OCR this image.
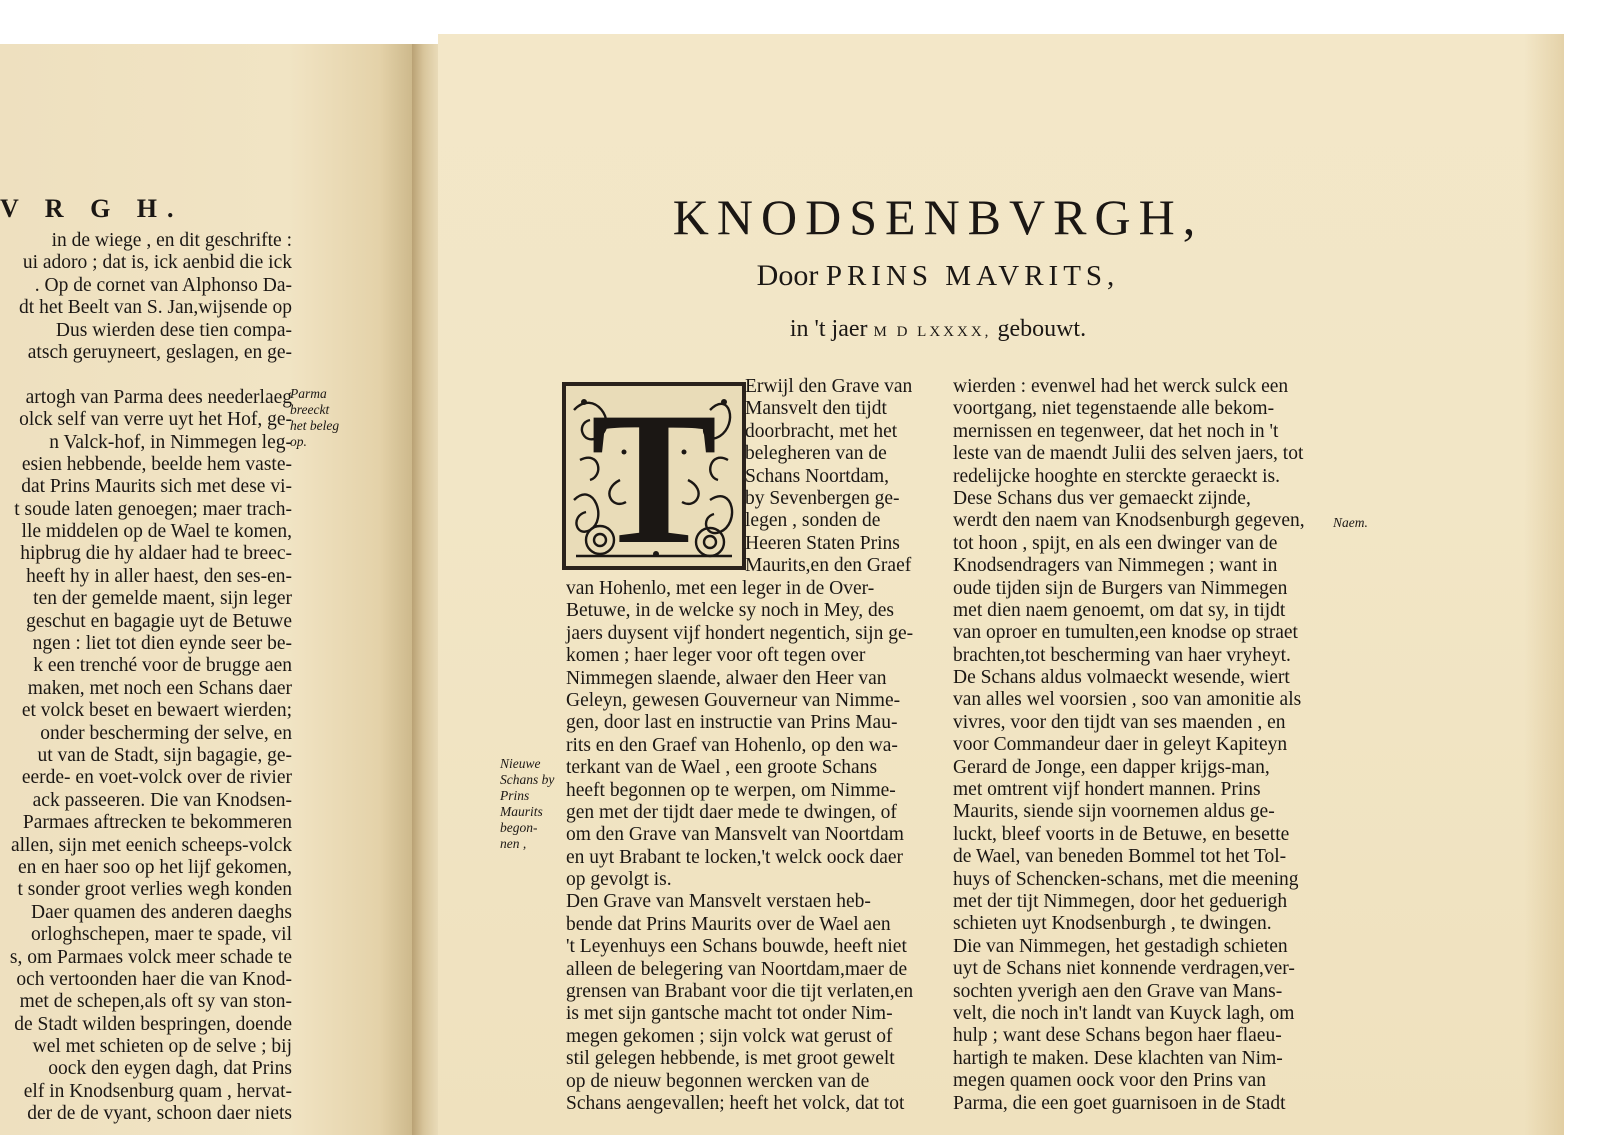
V R G H.
in de wiege , en dit geschrifte :
ui adoro ; dat is, ick aenbid die ick
. Op de cornet van Alphonso Da-
dt het Beelt van S. Jan,wijsende op
Dus wierden dese tien compa-
atsch geruyneert, geslagen, en ge-
artogh van Parma dees neederlaeg
olck self van verre uyt het Hof, ge-
n Valck-hof, in Nimmegen leg-
esien hebbende, beelde hem vaste-
dat Prins Maurits sich met dese vi-
t soude laten genoegen; maer trach-
lle middelen op de Wael te komen,
hipbrug die hy aldaer had te breec-
heeft hy in aller haest, den ses-en-
ten der gemelde maent, sijn leger
geschut en bagagie uyt de Betuwe
ngen : liet tot dien eynde seer be-
k een trenché voor de brugge aen
maken, met noch een Schans daer
et volck beset en bewaert wierden;
onder bescherming der selve, en
ut van de Stadt, sijn bagagie, ge-
eerde- en voet-volck over de rivier
ack passeeren. Die van Knodsen-
Parmaes aftrecken te bekommeren
allen, sijn met eenich scheeps-volck
en en haer soo op het lijf gekomen,
t sonder groot verlies wegh konden
Daer quamen des anderen daeghs
orloghschepen, maer te spade, vil
s, om Parmaes volck meer schade te
och vertoonden haer die van Knod-
met de schepen,als oft sy van ston-
de Stadt wilden bespringen, doende
wel met schieten op de selve ; bij
oock den eygen dagh, dat Prins
elf in Knodsenburg quam , hervat-
der de de vyant, schoon daer niets
Parma
breeckt
het beleg
op.
KNODSENBVRGH,
Door PRINS MAVRITS,
in 't jaer M D LXXXX, gebouwt.
T
Nieuwe
Schans by
Prins
Maurits
begon-
nen ,
Naem.
Erwijl den Grave van
Mansvelt den tijdt
doorbracht, met het
belegheren van de
Schans Noortdam,
by Sevenbergen ge-
legen , sonden de
Heeren Staten Prins
Maurits,en den Graef
van Hohenlo, met een leger in de Over-
Betuwe, in de welcke sy noch in Mey, des
jaers duysent vijf hondert negentich, sijn ge-
komen ; haer leger voor oft tegen over
Nimmegen slaende, alwaer den Heer van
Geleyn, gewesen Gouverneur van Nimme-
gen, door last en instructie van Prins Mau-
rits en den Graef van Hohenlo, op den wa-
terkant van de Wael , een groote Schans
heeft begonnen op te werpen, om Nimme-
gen met der tijdt daer mede te dwingen, of
om den Grave van Mansvelt van Noortdam
en uyt Brabant te locken,'t welck oock daer
op gevolgt is.
Den Grave van Mansvelt verstaen heb-
bende dat Prins Maurits over de Wael aen
't Leyenhuys een Schans bouwde, heeft niet
alleen de belegering van Noortdam,maer de
grensen van Brabant voor die tijt verlaten,en
is met sijn gantsche macht tot onder Nim-
megen gekomen ; sijn volck wat gerust of
stil gelegen hebbende, is met groot gewelt
op de nieuw begonnen wercken van de
Schans aengevallen; heeft het volck, dat tot
wierden : evenwel had het werck sulck een
voortgang, niet tegenstaende alle bekom-
mernissen en tegenweer, dat het noch in 't
leste van de maendt Julii des selven jaers, tot
redelijcke hooghte en sterckte geraeckt is.
Dese Schans dus ver gemaeckt zijnde,
werdt den naem van Knodsenburgh gegeven,
tot hoon , spijt, en als een dwinger van de
Knodsendragers van Nimmegen ; want in
oude tijden sijn de Burgers van Nimmegen
met dien naem genoemt, om dat sy, in tijdt
van oproer en tumulten,een knodse op straet
brachten,tot bescherming van haer vryheyt.
De Schans aldus volmaeckt wesende, wiert
van alles wel voorsien , soo van amonitie als
vivres, voor den tijdt van ses maenden , en
voor Commandeur daer in geleyt Kapiteyn
Gerard de Jonge, een dapper krijgs-man,
met omtrent vijf hondert mannen. Prins
Maurits, siende sijn voornemen aldus ge-
luckt, bleef voorts in de Betuwe, en besette
de Wael, van beneden Bommel tot het Tol-
huys of Schencken-schans, met die meening
met der tijt Nimmegen, door het geduerigh
schieten uyt Knodsenburgh , te dwingen.
Die van Nimmegen, het gestadigh schieten
uyt de Schans niet konnende verdragen,ver-
sochten yverigh aen den Grave van Mans-
velt, die noch in't landt van Kuyck lagh, om
hulp ; want dese Schans begon haer flaeu-
hartigh te maken. Dese klachten van Nim-
megen quamen oock voor den Prins van
Parma, die een goet guarnisoen in de Stadt
